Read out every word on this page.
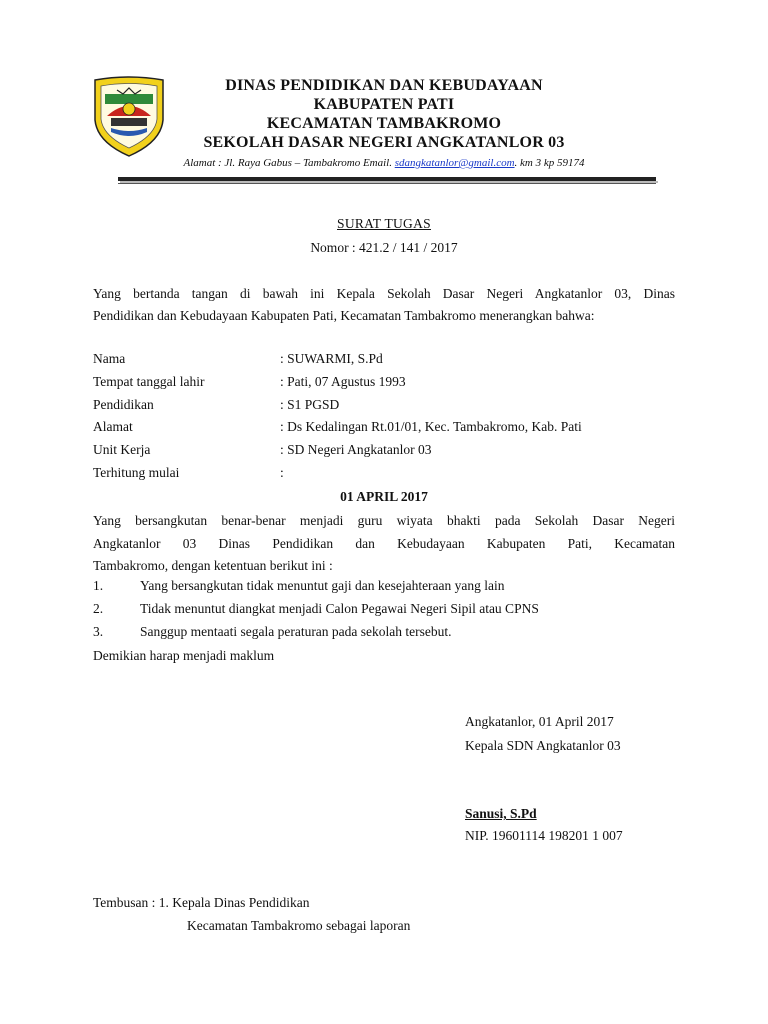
DINAS PENDIDIKAN DAN KEBUDAYAAN
KABUPATEN PATI
KECAMATAN TAMBAKROMO
SEKOLAH DASAR NEGERI ANGKATANLOR 03
Alamat : Jl. Raya Gabus – Tambakromo Email. sdangkatanlor@gmail.com. km 3 kp 59174
SURAT TUGAS
Nomor : 421.2 / 141 / 2017
Yang bertanda tangan di bawah ini Kepala Sekolah Dasar Negeri Angkatanlor 03, Dinas
Pendidikan dan Kebudayaan Kabupaten Pati, Kecamatan Tambakromo menerangkan bahwa:
Nama	: SUWARMI, S.Pd
Tempat tanggal lahir	: Pati, 07 Agustus 1993
Pendidikan	: S1 PGSD
Alamat	: Ds Kedalingan Rt.01/01, Kec. Tambakromo, Kab. Pati
Unit Kerja	: SD Negeri Angkatanlor 03
Terhitung mulai	:
01 APRIL 2017
Yang bersangkutan benar-benar menjadi guru wiyata bhakti pada Sekolah Dasar Negeri
Angkatanlor 03 Dinas Pendidikan dan Kebudayaan Kabupaten Pati, Kecamatan
Tambakromo, dengan ketentuan berikut ini :
1.	Yang bersangkutan tidak menuntut gaji dan kesejahteraan yang lain
2.	Tidak menuntut diangkat menjadi Calon Pegawai Negeri Sipil atau CPNS
3.	Sanggup mentaati segala peraturan pada sekolah tersebut.
Demikian harap menjadi maklum
Angkatanlor, 01 April 2017
Kepala SDN Angkatanlor 03
Sanusi, S.Pd
NIP. 19601114 198201 1 007
Tembusan : 1. Kepala Dinas Pendidikan
Kecamatan Tambakromo sebagai laporan
